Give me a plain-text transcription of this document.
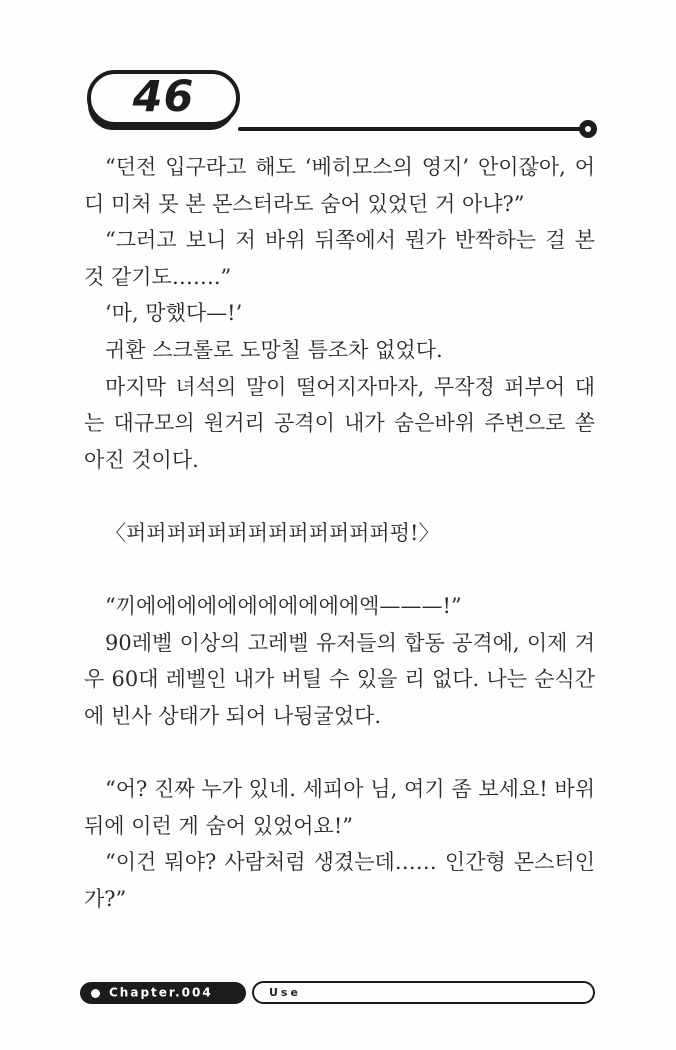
46

“던전 입구라고 해도 ‘베히모스의 영지’ 안이잖아, 어디 미처 못 본 몬스터라도 숨어 있었던 거 아냐?”

“그러고 보니 저 바위 뒤쪽에서 뭔가 반짝하는 걸 본 것 같기도…….”

‘마, 망했다—!’

귀환 스크롤로 도망칠 틈조차 없었다.

마지막 녀석의 말이 떨어지자마자, 무작정 퍼부어 대는 대규모의 원거리 공격이 내가 숨은바위 주변으로 쏟아진 것이다.

〈퍼퍼퍼퍼퍼퍼퍼퍼퍼퍼퍼퍼퍼펑!〉

“끼에에에에에에에에에에에엑———!”

90레벨 이상의 고레벨 유저들의 합동 공격에, 이제 겨우 60대 레벨인 내가 버틸 수 있을 리 없다. 나는 순식간에 빈사 상태가 되어 나뒹굴었다.

“어? 진짜 누가 있네. 세피아 님, 여기 좀 보세요! 바위 뒤에 이런 게 숨어 있었어요!”

“이건 뭐야? 사람처럼 생겼는데…… 인간형 몬스터인가?”

Chapter.004	Use
